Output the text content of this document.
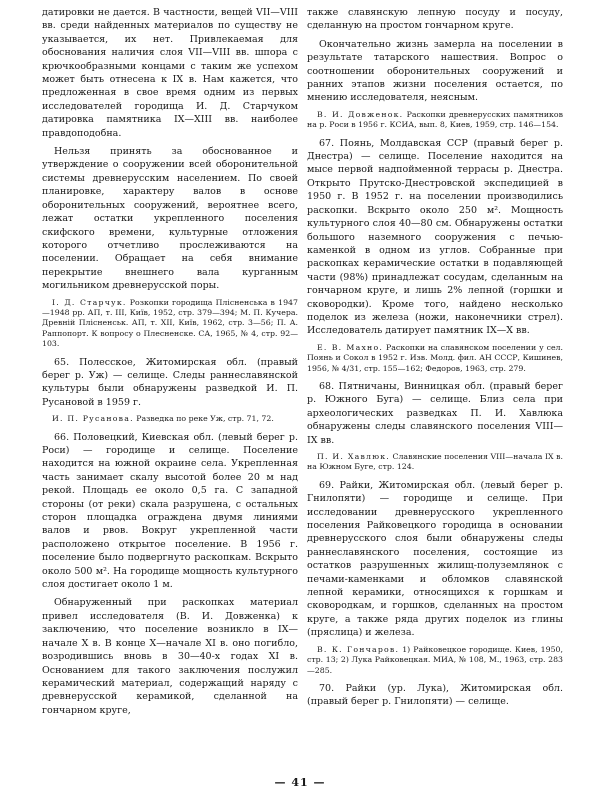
датировки не дается. В частности, вещей VII—VIII вв. среди найденных материалов по существу не указывается, их нет. Привлекаемая для обоснования наличия слоя VII—VIII вв. шпора с крючкообразными концами с таким же успехом может быть отнесена к IX в. Нам кажется, что предложенная в свое время одним из первых исследователей городища И. Д. Старчуком датировка памятника IX—XIII вв. наиболее правдоподобна.

Нельзя принять за обоснованное и утверждение о сооружении всей оборонительной системы древнерусским населением. По своей планировке, характеру валов в основе оборонительных сооружений, вероятнее всего, лежат остатки укрепленного поселения скифского времени, культурные отложения которого отчетливо прослеживаются на поселении. Обращает на себя внимание перекрытие внешнего вала курганным могильником древнерусской поры.

І. Д. Старчук. Розкопки городища Плісненська в 1947—1948 рр. АП, т. III, Київ, 1952, стр. 379—394; М. П. Кучера. Древній Плісненськ. АП, т. XII, Київ, 1962, стр. 3—56; П. А. Раппопорт. К вопросу о Плесненске. СА, 1965, № 4, стр. 92—103.

65. Полесское, Житомирская обл. (правый берег р. Уж) — селище. Следы раннеславянской культуры были обнаружены разведкой И. П. Русановой в 1959 г.

И. П. Русанова. Разведка по реке Уж, стр. 71, 72.

66. Половецкий, Киевская обл. (левый берег р. Роси) — городище и селище. Поселение находится на южной окраине села. Укрепленная часть занимает скалу высотой более 20 м над рекой. Площадь ее около 0,5 га. С западной стороны (от реки) скала разрушена, с остальных сторон площадка ограждена двумя линиями валов и рвов. Вокруг укрепленной части расположено открытое поселение. В 1956 г. поселение было подвергнуто раскопкам. Вскрыто около 500 м². На городище мощность культурного слоя достигает около 1 м.

Обнаруженный при раскопках материал привел исследователя (В. И. Довженка) к заключению, что поселение возникло в IX—начале X в. В конце X—начале XI в. оно погибло, возродившись вновь в 30—40-х годах XI в. Основанием для такого заключения послужил керамический материал, содержащий наряду с древнерусской керамикой, сделанной на гончарном круге,

также славянскую лепную посуду и посуду, сделанную на простом гончарном круге.

Окончательно жизнь замерла на поселении в результате татарского нашествия. Вопрос о соотношении оборонительных сооружений и ранних этапов жизни поселения остается, по мнению исследователя, неясным.

В. И. Довженок. Раскопки древнерусских памятников на р. Роси в 1956 г. КСИА, вып. 8, Киев, 1959, стр. 146—154.

67. Поянь, Молдавская ССР (правый берег р. Днестра) — селище. Поселение находится на мысе первой надпойменной террасы р. Днестра. Открыто Прутско-Днестровской экспедицией в 1950 г. В 1952 г. на поселении производились раскопки. Вскрыто около 250 м². Мощность культурного слоя 40—80 см. Обнаружены остатки большого наземного сооружения с печью-каменкой в одном из углов. Собранные при раскопках керамические остатки в подавляющей части (98%) принадлежат сосудам, сделанным на гончарном круге, и лишь 2% лепной (горшки и сковородки). Кроме того, найдено несколько поделок из железа (ножи, наконечники стрел). Исследователь датирует памятник IX—X вв.

Е. В. Махно. Раскопки на славянском поселении у сел. Поянь и Сокол в 1952 г. Изв. Молд. фил. АН СССР, Кишинев, 1956, № 4/31, стр. 155—162; Федоров, 1963, стр. 279.

68. Пятничаны, Винницкая обл. (правый берег р. Южного Буга) — селище. Близ села при археологических разведках П. И. Хавлюка обнаружены следы славянского поселения VIII—IX вв.

П. И. Хавлюк. Славянские поселения VIII—начала IX в. на Южном Буге, стр. 124.

69. Райки, Житомирская обл. (левый берег р. Гнилопяти) — городище и селище. При исследовании древнерусского укрепленного поселения Райковецкого городища в основании древнерусского слоя были обнаружены следы раннеславянского поселения, состоящие из остатков разрушенных жилищ-полуземлянок с печами-каменками и обломков славянской лепной керамики, относящихся к горшкам и сковородкам, и горшков, сделанных на простом круге, а также ряда других поделок из глины (пряслица) и железа.

В. К. Гончаров. 1) Райковецкое городище. Киев, 1950, стр. 13; 2) Лука Райковецкая. МИА, № 108, М., 1963, стр. 283—285.

70. Райки (ур. Лука), Житомирская обл. (правый берег р. Гнилопяти) — селище.

— 41 —
